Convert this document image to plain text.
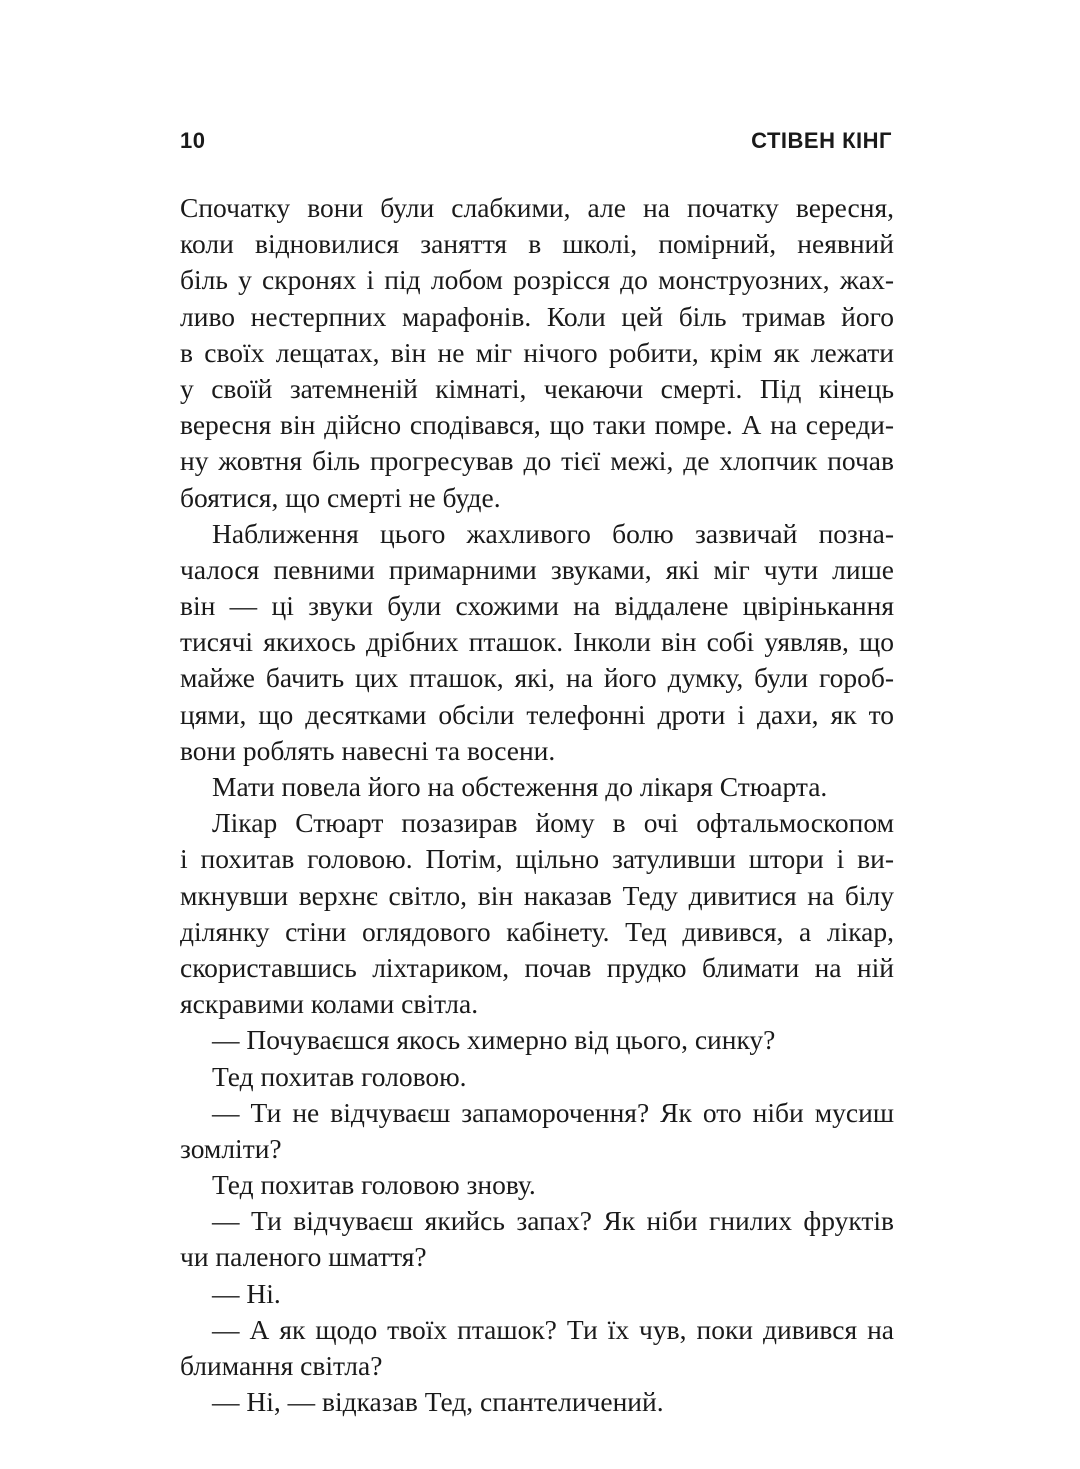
10	СТІВЕН КІНГ
Спочатку вони були слабкими, але на початку вересня,
коли відновилися заняття в школі, помірний, неявний
біль у скронях і під лобом розрісся до монструозних, жах-
ливо нестерпних марафонів. Коли цей біль тримав його
в своїх лещатах, він не міг нічого робити, крім як лежати
у своїй затемненій кімнаті, чекаючи смерті. Під кінець
вересня він дійсно сподівався, що таки помре. А на середи-
ну жовтня біль прогресував до тієї межі, де хлопчик почав
боятися, що смерті не буде.
Наближення цього жахливого болю зазвичай позна-
чалося певними примарними звуками, які міг чути лише
він — ці звуки були схожими на віддалене цвірінькання
тисячі якихось дрібних пташок. Інколи він собі уявляв, що
майже бачить цих пташок, які, на його думку, були гороб-
цями, що десятками обсіли телефонні дроти і дахи, як то
вони роблять навесні та восени.
Мати повела його на обстеження до лікаря Стюарта.
Лікар Стюарт позазирав йому в очі офтальмоскопом
і похитав головою. Потім, щільно затуливши штори і ви-
мкнувши верхнє світло, він наказав Теду дивитися на білу
ділянку стіни оглядового кабінету. Тед дивився, а лікар,
скориставшись ліхтариком, почав прудко блимати на ній
яскравими колами світла.
— Почуваєшся якось химерно від цього, синку?
Тед похитав головою.
— Ти не відчуваєш запаморочення? Як ото ніби мусиш
зомліти?
Тед похитав головою знову.
— Ти відчуваєш якийсь запах? Як ніби гнилих фруктів
чи паленого шмаття?
— Ні.
— А як щодо твоїх пташок? Ти їх чув, поки дивився на
блимання світла?
— Ні, — відказав Тед, спантеличений.
